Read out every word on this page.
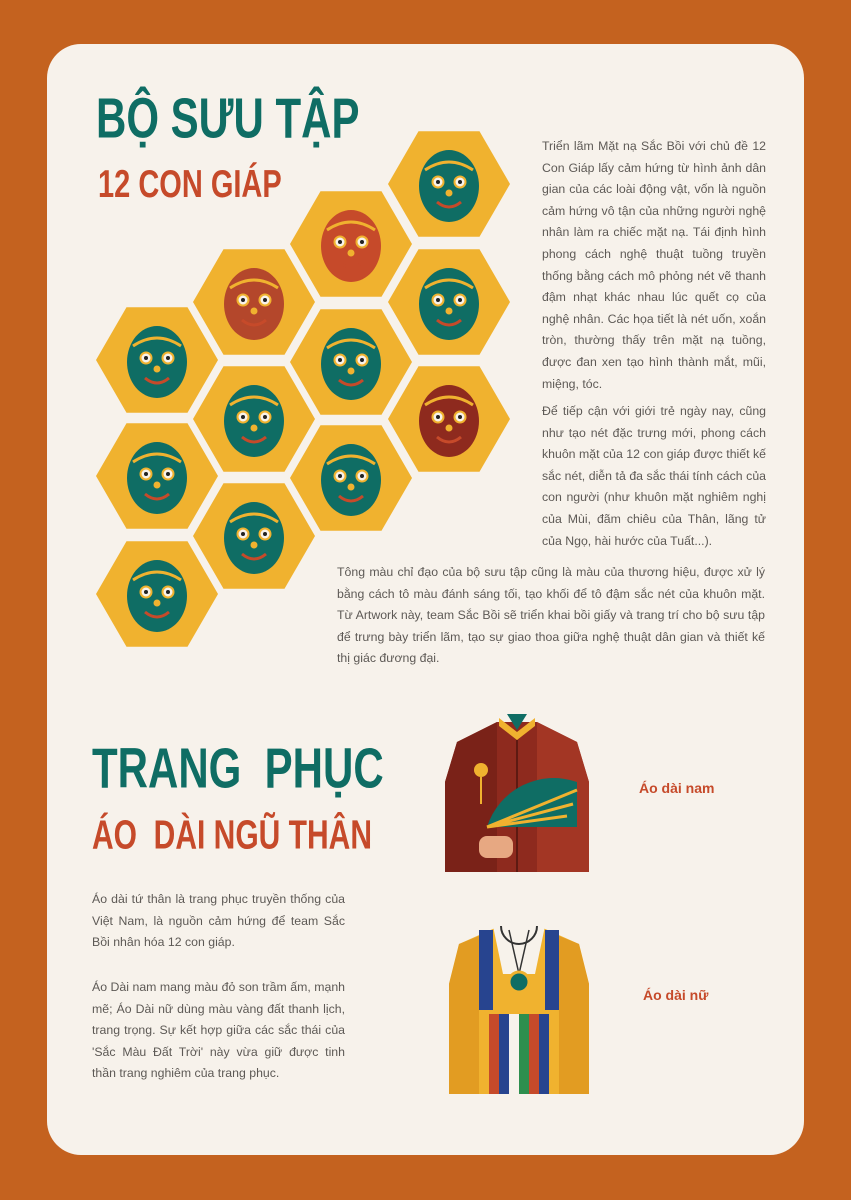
BỘ SƯU TẬP
12 CON GIÁP

Triển lãm Mặt nạ Sắc Bồi với chủ đề 12 Con Giáp lấy cảm hứng từ hình ảnh dân gian của các loài động vật, vốn là nguồn cảm hứng vô tận của những người nghệ nhân làm ra chiếc mặt nạ. Tái định hình phong cách nghệ thuật tuồng truyền thống bằng cách mô phỏng nét vẽ thanh đậm nhạt khác nhau lúc quết cọ của nghệ nhân. Các họa tiết là nét uốn, xoắn tròn, thường thấy trên mặt nạ tuồng, được đan xen tạo hình thành mắt, mũi, miệng, tóc.

Để tiếp cận với giới trẻ ngày nay, cũng như tạo nét đặc trưng mới, phong cách khuôn mặt của 12 con giáp được thiết kế sắc nét, diễn tả đa sắc thái tính cách của con người (như khuôn mặt nghiêm nghị của Mùi, đãm chiêu của Thân, lãng tử của Ngọ, hài hước của Tuất...).

Tông màu chỉ đạo của bộ sưu tập cũng là màu của thương hiệu, được xử lý bằng cách tô màu đánh sáng tối, tạo khối để tô đậm sắc nét của khuôn mặt. Từ Artwork này, team Sắc Bồi sẽ triển khai bồi giấy và trang trí cho bộ sưu tập để trưng bày triển lãm, tạo sự giao thoa giữa nghệ thuật dân gian và thiết kế thị giác đương đại.

TRANG  PHỤC
ÁO  DÀI NGŨ THÂN

Áo dài tứ thân là trang phục truyền thống của Việt Nam, là nguồn cảm hứng để team Sắc Bồi nhân hóa 12 con giáp.

Áo Dài nam mang màu đỏ son trầm ấm, mạnh mẽ; Áo Dài nữ dùng màu vàng đất thanh lịch, trang trọng. Sự kết hợp giữa các sắc thái của 'Sắc Màu Đất Trời' này vừa giữ được tinh thần trang nghiêm của trang phục.

Áo dài nam

Áo dài nữ
